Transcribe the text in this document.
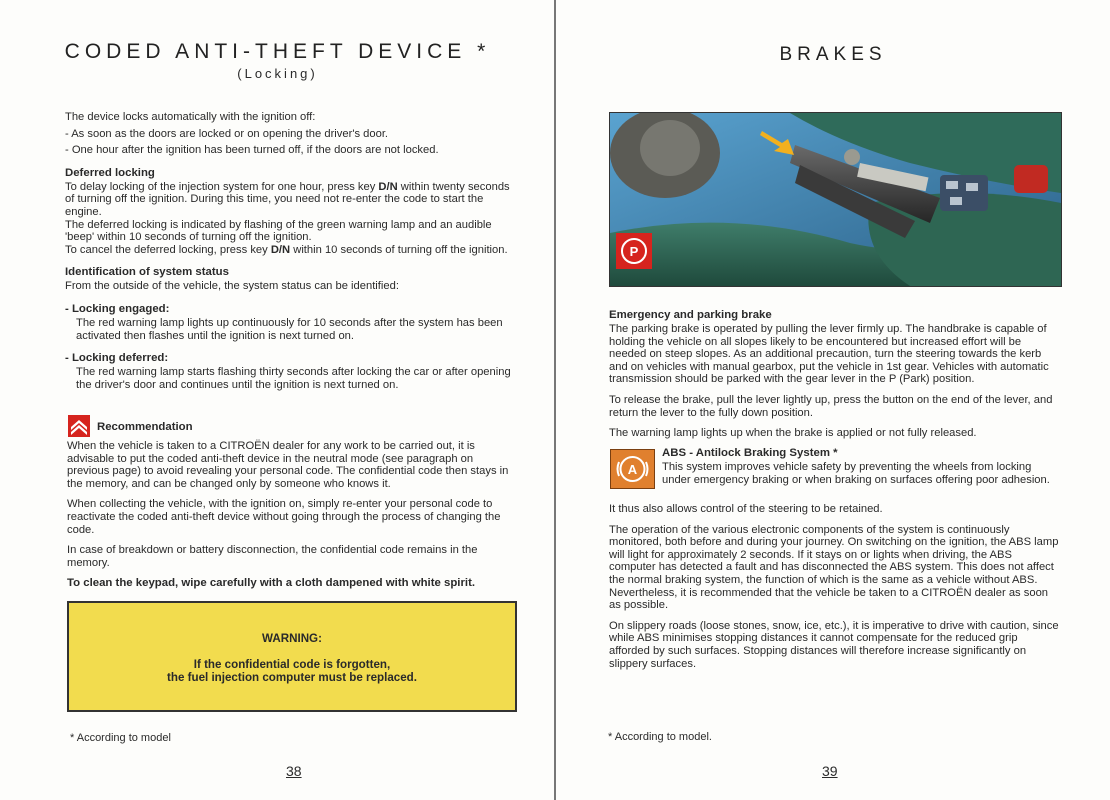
CODED ANTI-THEFT DEVICE *
(Locking)

The device locks automatically with the ignition off:

- As soon as the doors are locked or on opening the driver's door.

- One hour after the ignition has been turned off, if the doors are not locked.

Deferred locking

To delay locking of the injection system for one hour, press key D/N within twenty seconds of turning off the ignition. During this time, you need not re-enter the code to start the engine.

The deferred locking is indicated by flashing of the green warning lamp and an audible 'beep' within 10 seconds of turning off the ignition.

To cancel the deferred locking, press key D/N within 10 seconds of turning off the ignition.

Identification of system status

From the outside of the vehicle, the system status can be identified:

- Locking engaged:

The red warning lamp lights up continuously for 10 seconds after the system has been activated then flashes until the ignition is next turned on.

- Locking deferred:

The red warning lamp starts flashing thirty seconds after locking the car or after opening the driver's door and continues until the ignition is next turned on.

Recommendation

When the vehicle is taken to a CITROËN dealer for any work to be carried out, it is advisable to put the coded anti-theft device in the neutral mode (see paragraph on previous page) to avoid revealing your personal code. The confidential code then stays in the memory, and can be changed only by someone who knows it.

When collecting the vehicle, with the ignition on, simply re-enter your personal code to reactivate the coded anti-theft device without going through the process of changing the code.

In case of breakdown or battery disconnection, the confidential code remains in the memory.

To clean the keypad, wipe carefully with a cloth dampened with white spirit.

WARNING:
If the confidential code is forgotten,
the fuel injection computer must be replaced.
* According to model
38
BRAKES
P
Emergency and parking brake

The parking brake is operated by pulling the lever firmly up. The handbrake is capable of holding the vehicle on all slopes likely to be encountered but increased effort will be needed on steep slopes. As an additional precaution, turn the steering towards the kerb and on vehicles with manual gearbox, put the vehicle in 1st gear. Vehicles with automatic transmission should be parked with the gear lever in the P (Park) position.

To release the brake, pull the lever lightly up, press the button on the end of the lever, and return the lever to the fully down position.

The warning lamp lights up when the brake is applied or not fully released.

A
ABS - Antilock Braking System *

This system improves vehicle safety by preventing the wheels from locking under emergency braking or when braking on surfaces offering poor adhesion.

It thus also allows control of the steering to be retained.

The operation of the various electronic components of the system is continuously monitored, both before and during your journey. On switching on the ignition, the ABS lamp will light for approximately 2 seconds. If it stays on or lights when driving, the ABS computer has detected a fault and has disconnected the ABS system. This does not affect the normal braking system, the function of which is the same as a vehicle without ABS. Nevertheless, it is recommended that the vehicle be taken to a CITROËN dealer as soon as possible.

On slippery roads (loose stones, snow, ice, etc.), it is imperative to drive with caution, since while ABS minimises stopping distances it cannot compensate for the reduced grip afforded by such surfaces. Stopping distances will therefore increase significantly on slippery surfaces.

* According to model.
39
